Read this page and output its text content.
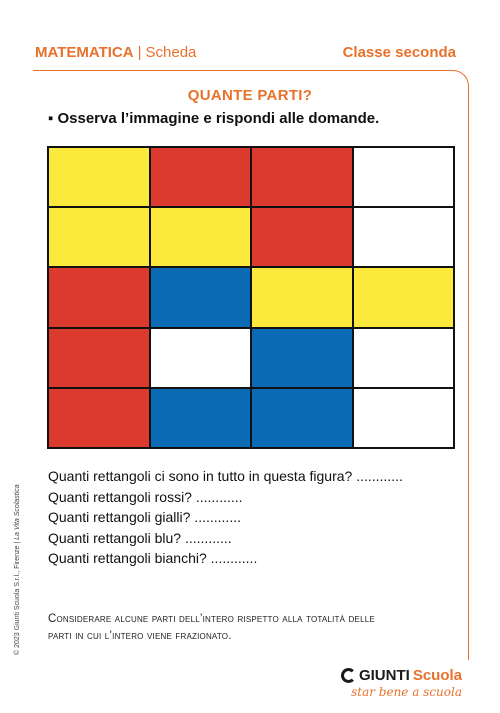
MATEMATICA | Scheda	Classe seconda
QUANTE PARTI?
▪ Osserva l’immagine e rispondi alle domande.
Quanti rettangoli ci sono in tutto in questa figura? ............
Quanti rettangoli rossi? ............
Quanti rettangoli gialli? ............
Quanti rettangoli blu? ............
Quanti rettangoli bianchi? ............
Considerare alcune parti dell’intero rispetto alla totalità delle
parti in cui l’intero viene frazionato.
© 2023 Giunti Scuola S.r.l., Firenze | La Vita Scolastica
GIUNTI Scuola
star bene a scuola
